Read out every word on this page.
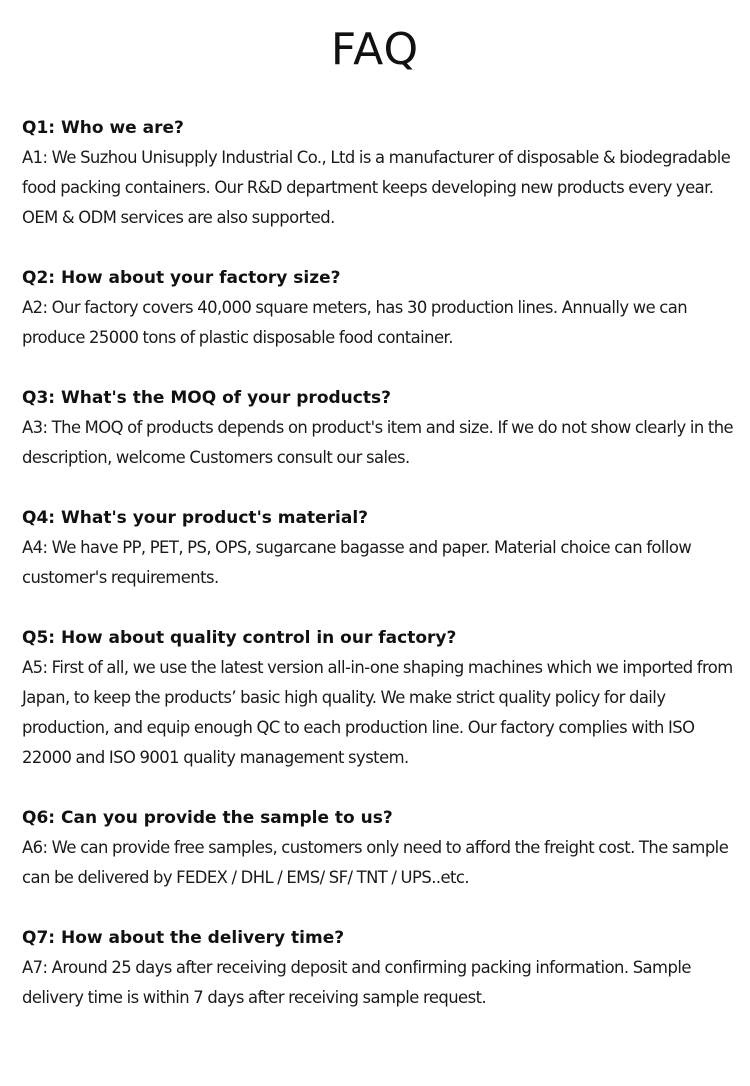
FAQ

Q1: Who we are?

A1: We Suzhou Unisupply Industrial Co., Ltd is a manufacturer of disposable & biodegradable food packing containers. Our R&D department keeps developing new products every year. OEM & ODM services are also supported.

Q2: How about your factory size?

A2: Our factory covers 40,000 square meters, has 30 production lines. Annually we can produce 25000 tons of plastic disposable food container.

Q3: What's the MOQ of your products?

A3: The MOQ of products depends on product's item and size. If we do not show clearly in the description, welcome Customers consult our sales.

Q4: What's your product's material?

A4: We have PP, PET, PS, OPS, sugarcane bagasse and paper. Material choice can follow customer's requirements.

Q5: How about quality control in our factory?

A5: First of all, we use the latest version all-in-one shaping machines which we imported from Japan, to keep the products’ basic high quality. We make strict quality policy for daily production, and equip enough QC to each production line. Our factory complies with ISO 22000 and ISO 9001 quality management system.

Q6: Can you provide the sample to us?

A6: We can provide free samples, customers only need to afford the freight cost. The sample can be delivered by FEDEX / DHL / EMS/ SF/ TNT / UPS..etc.

Q7: How about the delivery time?

A7: Around 25 days after receiving deposit and confirming packing information. Sample delivery time is within 7 days after receiving sample request.
